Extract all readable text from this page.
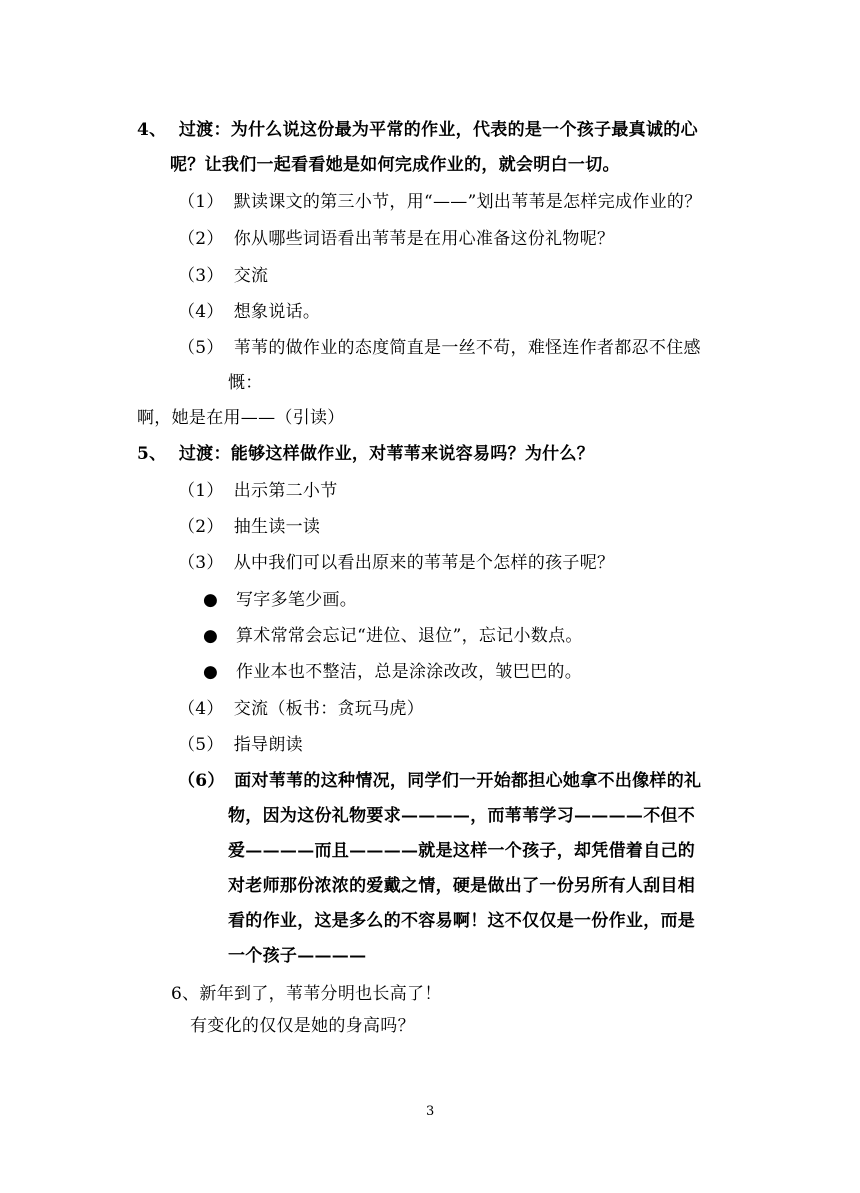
4、 过渡：为什么说这份最为平常的作业，代表的是一个孩子最真诚的心
呢？让我们一起看看她是如何完成作业的，就会明白一切。
（1） 默读课文的第三小节，用“——”划出苇苇是怎样完成作业的？
（2） 你从哪些词语看出苇苇是在用心准备这份礼物呢？
（3） 交流
（4） 想象说话。
（5） 苇苇的做作业的态度简直是一丝不苟，难怪连作者都忍不住感
慨：
啊，她是在用——（引读）
5、 过渡：能够这样做作业，对苇苇来说容易吗？为什么？
（1） 出示第二小节
（2） 抽生读一读
（3） 从中我们可以看出原来的苇苇是个怎样的孩子呢？
● 写字多笔少画。
● 算术常常会忘记“进位、退位”，忘记小数点。
● 作业本也不整洁，总是涂涂改改，皱巴巴的。
（4） 交流（板书：贪玩马虎）
（5） 指导朗读
（6） 面对苇苇的这种情况，同学们一开始都担心她拿不出像样的礼
物，因为这份礼物要求————，而苇苇学习————不但不
爱————而且————就是这样一个孩子，却凭借着自己的
对老师那份浓浓的爱戴之情，硬是做出了一份另所有人刮目相
看的作业，这是多么的不容易啊！这不仅仅是一份作业，而是
一个孩子————
6、新年到了，苇苇分明也长高了！
有变化的仅仅是她的身高吗？
3
